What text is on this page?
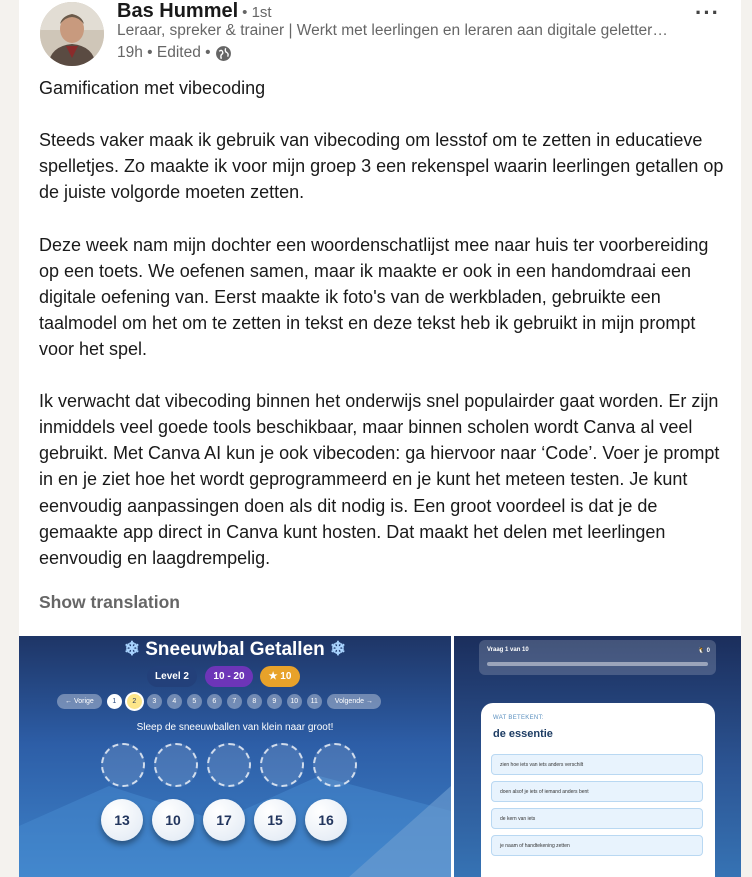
Bas Hummel • 1st
Leraar, spreker & trainer | Werkt met leerlingen en leraren aan digitale geletter…
19h • Edited •
···

Gamification met vibecoding

Steeds vaker maak ik gebruik van vibecoding om lesstof om te zetten in educatieve spelletjes. Zo maakte ik voor mijn groep 3 een rekenspel waarin leerlingen getallen op de juiste volgorde moeten zetten.

Deze week nam mijn dochter een woordenschatlijst mee naar huis ter voorbereiding op een toets. We oefenen samen, maar ik maakte er ook in een handomdraai een digitale oefening van. Eerst maakte ik foto's van de werkbladen, gebruikte een taalmodel om het om te zetten in tekst en deze tekst heb ik gebruikt in mijn prompt voor het spel.

Ik verwacht dat vibecoding binnen het onderwijs snel populairder gaat worden. Er zijn inmiddels veel goede tools beschikbaar, maar binnen scholen wordt Canva al veel gebruikt. Met Canva AI kun je ook vibecoden: ga hiervoor naar ‘Code’. Voer je prompt in en je ziet hoe het wordt geprogrammeerd en je kunt het meteen testen. Je kunt eenvoudig aanpassingen doen als dit nodig is. Een groot voordeel is dat je de gemaakte app direct in Canva kunt hosten. Dat maakt het delen met leerlingen eenvoudig en laagdrempelig.

Show translation
❄ Sneeuwbal Getallen ❄
Level 2	10 - 20	★ 10
← Vorige	1	2	3	4	5	6	7	8	9	10	11	Volgende →
Sleep de sneeuwballen van klein naar groot!
13	10	17	15	16
Vraag 1 van 10	🐧 0
WAT BETEKENT:
de essentie
zien hoe iets van iets anders verschilt
doen alsof je iets of iemand anders bent
de kern van iets
je naam of handtekening zetten
